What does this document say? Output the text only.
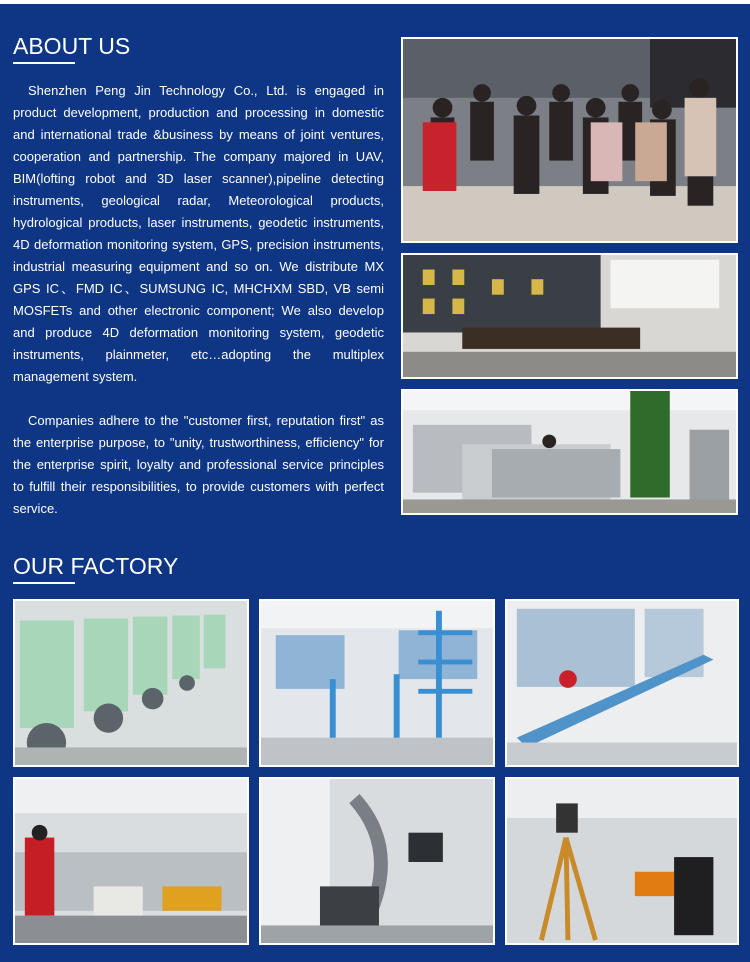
ABOUT US

Shenzhen Peng Jin Technology Co., Ltd. is engaged in product development, production and processing in domestic and international trade &business by means of joint ventures, cooperation and partnership. The company majored in UAV, BIM(lofting robot and 3D laser scanner),pipeline detecting instruments, geological radar, Meteorological products, hydrological products, laser instruments, geodetic instruments, 4D deformation monitoring system, GPS, precision instruments, industrial measuring equipment and so on. We distribute MX GPS IC、FMD IC、SUMSUNG IC, MHCHXM SBD, VB semi MOSFETs and other electronic component; We also develop and produce 4D deformation monitoring system, geodetic instruments, plainmeter, etc…adopting the multiplex management system.

Companies adhere to the "customer first, reputation first" as the enterprise purpose, to "unity, trustworthiness, efficiency" for the enterprise spirit, loyalty and professional service principles to fulfill their responsibilities, to provide customers with perfect service.

OUR FACTORY
